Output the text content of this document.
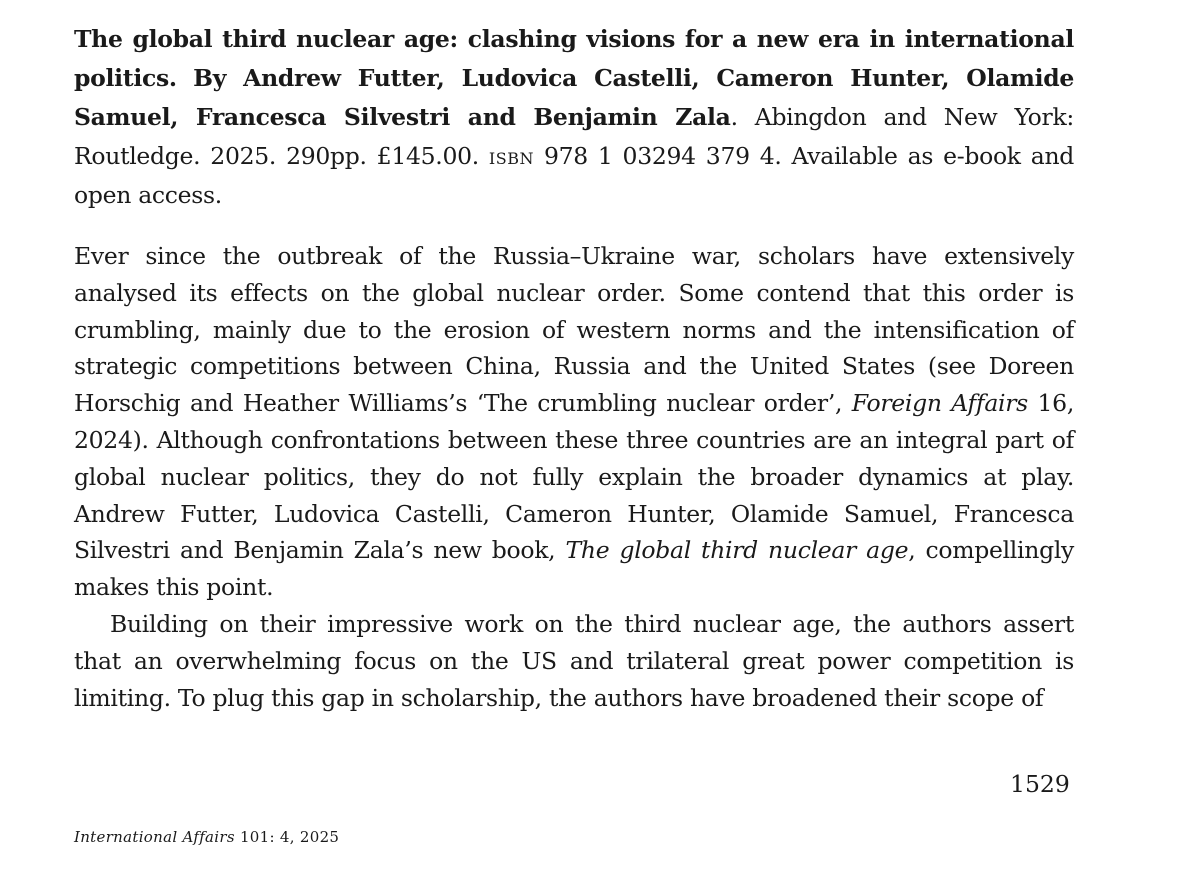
The global third nuclear age: clashing visions for a new era in international politics. By Andrew Futter, Ludovica Castelli, Cameron Hunter, Olamide Samuel, Francesca Silvestri and Benjamin Zala. Abingdon and New York: Routledge. 2025. 290pp. £145.00. isbn 978 1 03294 379 4. Available as e-book and open access.

Ever since the outbreak of the Russia–Ukraine war, scholars have extensively analysed its effects on the global nuclear order. Some contend that this order is crumbling, mainly due to the erosion of western norms and the intensification of strategic competitions between China, Russia and the United States (see Doreen Horschig and Heather Williams’s ‘The crumbling nuclear order’, Foreign Affairs 16, 2024). Although confrontations between these three countries are an integral part of global nuclear politics, they do not fully explain the broader dynamics at play. Andrew Futter, Ludovica Castelli, Cameron Hunter, Olamide Samuel, Francesca Silvestri and Benjamin Zala’s new book, The global third nuclear age, compellingly makes this point.

Building on their impressive work on the third nuclear age, the authors assert that an overwhelming focus on the US and trilateral great power competition is limiting. To plug this gap in scholarship, the authors have broadened their scope of

1529
International Affairs 101: 4, 2025
